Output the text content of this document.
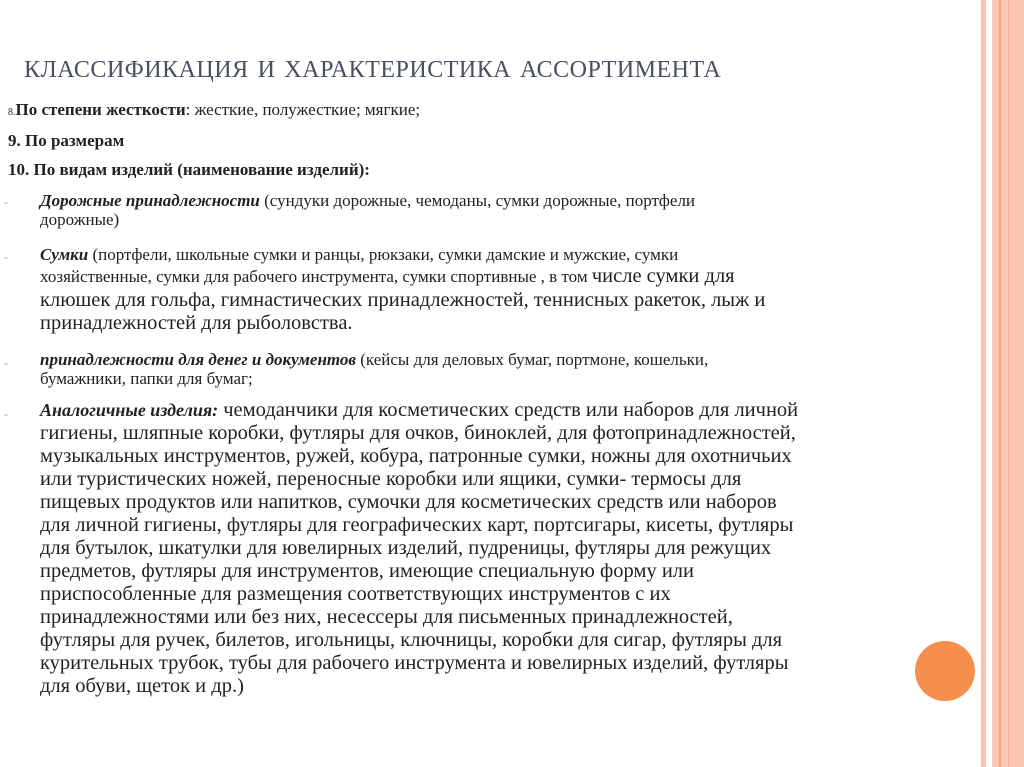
классификация и характеристика ассортимента
8.По степени жесткости: жесткие, полужесткие; мягкие;
9. По размерам
10. По видам изделий (наименование изделий):
- Дорожные принадлежности (сундуки дорожные, чемоданы, сумки дорожные, портфели
дорожные)
- Сумки (портфели, школьные сумки и ранцы, рюкзаки, сумки дамские и мужские, сумки
хозяйственные, сумки для рабочего инструмента, сумки спортивные , в том числе сумки для
клюшек для гольфа, гимнастических принадлежностей, теннисных ракеток, лыж и
принадлежностей для рыболовства.
- принадлежности для денег и документов (кейсы для деловых бумаг, портмоне, кошельки,
бумажники, папки для бумаг;
- Аналогичные изделия: чемоданчики для косметических средств или наборов для личной
гигиены, шляпные коробки, футляры для очков, биноклей, для фотопринадлежностей,
музыкальных инструментов, ружей, кобура, патронные сумки, ножны для охотничьих
или туристических ножей, переносные коробки или ящики, сумки- термосы для
пищевых продуктов или напитков, сумочки для косметических средств или наборов
для личной гигиены, футляры для географических карт, портсигары, кисеты, футляры
для бутылок, шкатулки для ювелирных изделий, пудреницы, футляры для режущих
предметов, футляры для инструментов, имеющие специальную форму или
приспособленные для размещения соответствующих инструментов с их
принадлежностями или без них, несессеры для письменных принадлежностей,
футляры для ручек, билетов, игольницы, ключницы, коробки для сигар, футляры для
курительных трубок, тубы для рабочего инструмента и ювелирных изделий, футляры
для обуви, щеток и др.)
